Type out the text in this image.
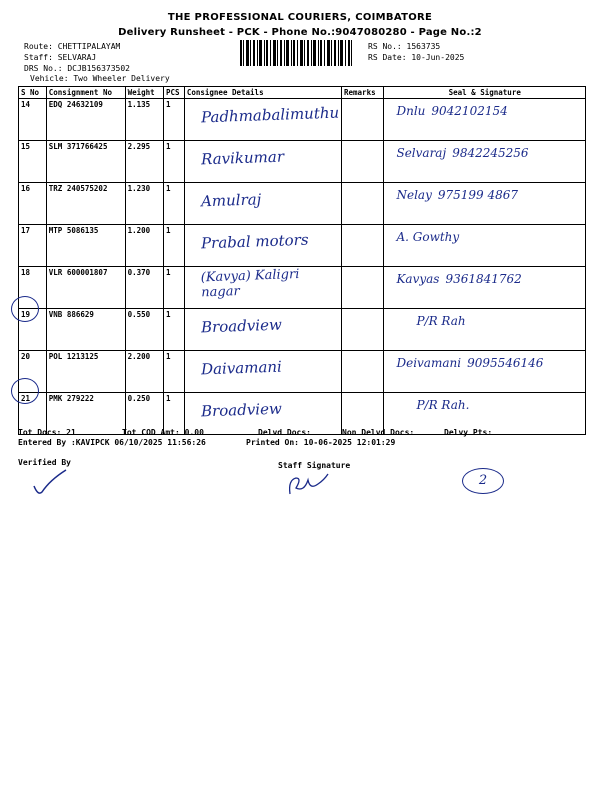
THE PROFESSIONAL COURIERS, COIMBATORE
Delivery Runsheet - PCK - Phone No.:9047080280 - Page No.:2
Route: CHETTIPALAYAM
Staff: SELVARAJ
DRS No.: DCJB156373502
Vehicle: Two Wheeler Delivery
RS No.: 1563735
RS Date: 10-Jun-2025
S No	Consignment No	Weight	PCS	Consignee Details	Remarks	Seal & Signature
14	EDQ 24632109	1.135	1	Padhmabalimuthu		Dnlu 9042102154

15	SLM 371766425	2.295	1	Ravikumar		Selvaraj 9842245256

16	TRZ 240575202	1.230	1	Amulraj		Nelay 975199 4867

17	MTP 5086135	1.200	1	Prabal motors		A. Gowthy

18	VLR 600001807	0.370	1	(Kavya) Kaligri nagar		Kavyas 9361841762

19	VNB 886629	0.550	1	Broadview		P/R Rah

20	POL 1213125	2.200	1	Daivamani		Deivamani 9095546146

21	PMK 279222	0.250	1	Broadview		P/R Rah.
Tot Docs: 21	Tot COD Amt: 0.00	Delvd Docs:	Non Delvd Docs:	Delvy Pts:
Entered By :KAVIPCK 06/10/2025 11:56:26	Printed On: 10-06-2025 12:01:29
Verified By	Staff Signature
2
